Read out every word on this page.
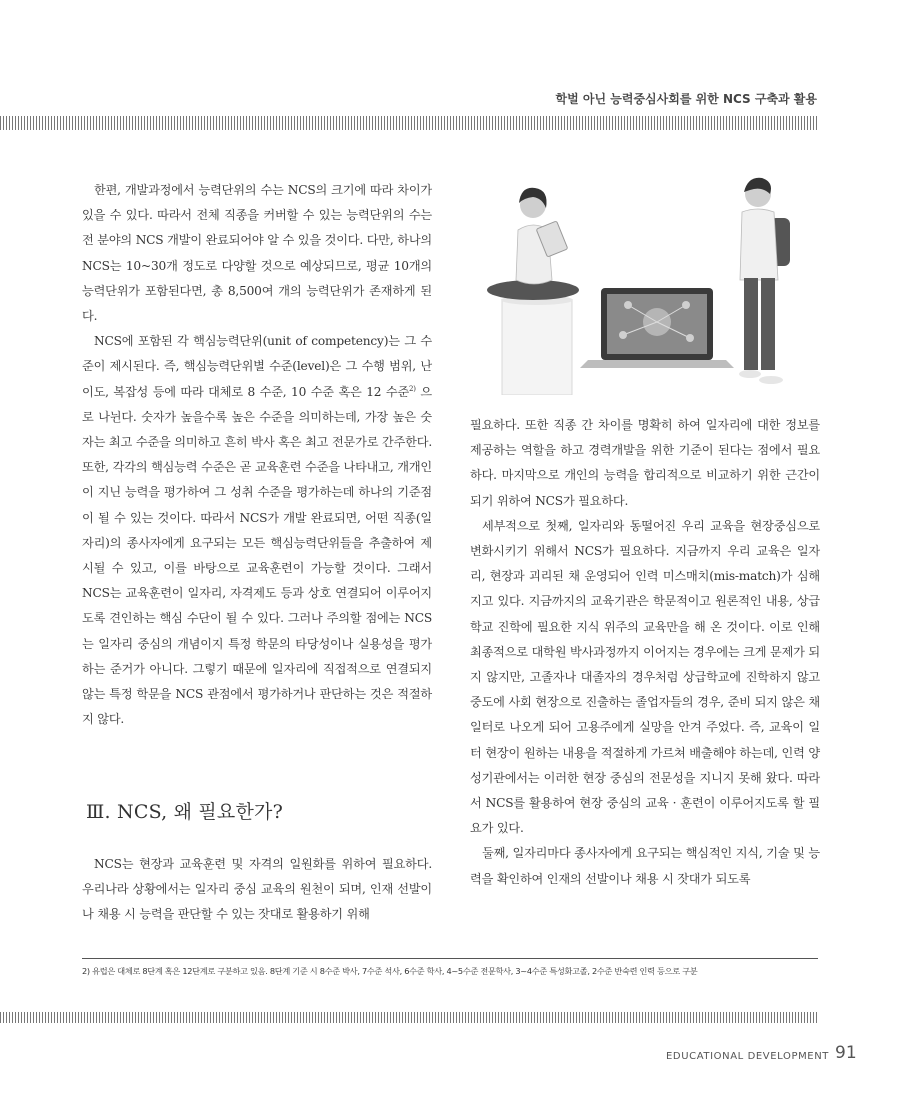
학벌 아닌 능력중심사회를 위한 NCS 구축과 활용

한편, 개발과정에서 능력단위의 수는 NCS의 크기에 따라 차이가 있을 수 있다. 따라서 전체 직종을 커버할 수 있는 능력단위의 수는 전 분야의 NCS 개발이 완료되어야 알 수 있을 것이다. 다만, 하나의 NCS는 10~30개 정도로 다양할 것으로 예상되므로, 평균 10개의 능력단위가 포함된다면, 총 8,500여 개의 능력단위가 존재하게 된다.

NCS에 포함된 각 핵심능력단위(unit of competency)는 그 수준이 제시된다. 즉, 핵심능력단위별 수준(level)은 그 수행 범위, 난이도, 복잡성 등에 따라 대체로 8 수준, 10 수준 혹은 12 수준$^{2)}$ 으로 나뉜다. 숫자가 높을수록 높은 수준을 의미하는데, 가장 높은 숫자는 최고 수준을 의미하고 흔히 박사 혹은 최고 전문가로 간주한다. 또한, 각각의 핵심능력 수준은 곧 교육훈련 수준을 나타내고, 개개인이 지닌 능력을 평가하여 그 성취 수준을 평가하는데 하나의 기준점이 될 수 있는 것이다. 따라서 NCS가 개발 완료되면, 어떤 직종(일자리)의 종사자에게 요구되는 모든 핵심능력단위들을 추출하여 제시될 수 있고, 이를 바탕으로 교육훈련이 가능할 것이다. 그래서 NCS는 교육훈련이 일자리, 자격제도 등과 상호 연결되어 이루어지도록 견인하는 핵심 수단이 될 수 있다. 그러나 주의할 점에는 NCS는 일자리 중심의 개념이지 특정 학문의 타당성이나 실용성을 평가하는 준거가 아니다. 그렇기 때문에 일자리에 직접적으로 연결되지 않는 특정 학문을 NCS 관점에서 평가하거나 판단하는 것은 적절하지 않다.

Ⅲ. NCS, 왜 필요한가?

NCS는 현장과 교육훈련 및 자격의 일원화를 위하여 필요하다. 우리나라 상황에서는 일자리 중심 교육의 원천이 되며, 인재 선발이나 채용 시 능력을 판단할 수 있는 잣대로 활용하기 위해

필요하다. 또한 직종 간 차이를 명확히 하여 일자리에 대한 정보를 제공하는 역할을 하고 경력개발을 위한 기준이 된다는 점에서 필요하다. 마지막으로 개인의 능력을 합리적으로 비교하기 위한 근간이 되기 위하여 NCS가 필요하다.

세부적으로 첫째, 일자리와 동떨어진 우리 교육을 현장중심으로 변화시키기 위해서 NCS가 필요하다. 지금까지 우리 교육은 일자리, 현장과 괴리된 채 운영되어 인력 미스매치(mis-match)가 심해지고 있다. 지금까지의 교육기관은 학문적이고 원론적인 내용, 상급학교 진학에 필요한 지식 위주의 교육만을 해 온 것이다. 이로 인해 최종적으로 대학원 박사과정까지 이어지는 경우에는 크게 문제가 되지 않지만, 고졸자나 대졸자의 경우처럼 상급학교에 진학하지 않고 중도에 사회 현장으로 진출하는 졸업자들의 경우, 준비 되지 않은 채 일터로 나오게 되어 고용주에게 실망을 안겨 주었다. 즉, 교육이 일터 현장이 원하는 내용을 적절하게 가르쳐 배출해야 하는데, 인력 양성기관에서는 이러한 현장 중심의 전문성을 지니지 못해 왔다. 따라서 NCS를 활용하여 현장 중심의 교육 · 훈련이 이루어지도록 할 필요가 있다.

둘째, 일자리마다 종사자에게 요구되는 핵심적인 지식, 기술 및 능력을 확인하여 인재의 선발이나 채용 시 잣대가 되도록

2) 유럽은 대체로 8단계 혹은 12단계로 구분하고 있음. 8단계 기준 시 8수준 박사, 7수준 석사, 6수준 학사, 4~5수준 전문학사, 3~4수준 특성화고졸, 2수준 반숙련 인력 등으로 구분
EDUCATIONAL DEVELOPMENT 91
